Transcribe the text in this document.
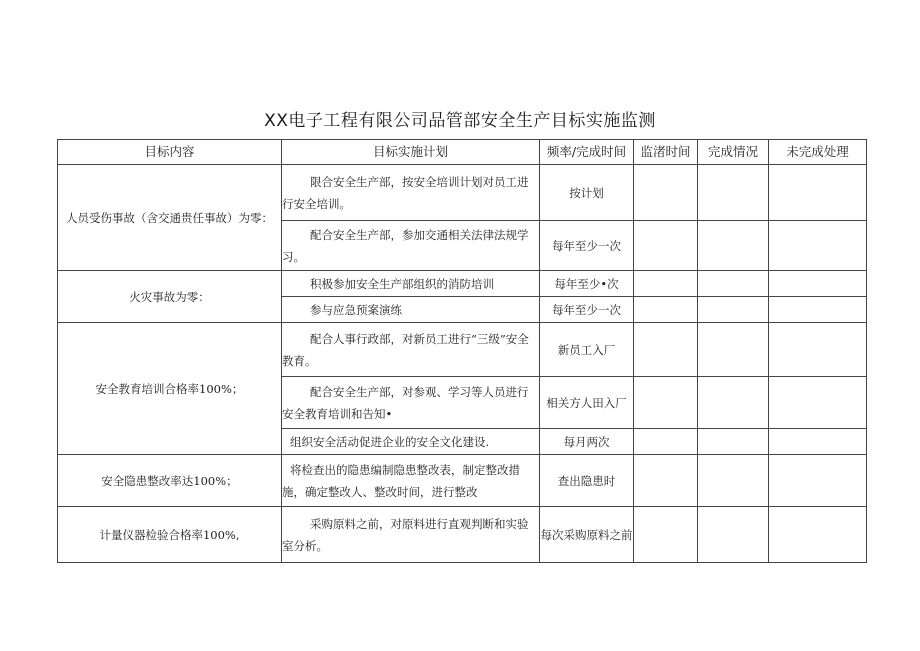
XX电子工程有限公司品管部安全生产目标实施监测
目标内容	目标实施计划	频率/完成时间	监渚时间	完成情况	未完成处理
人员受伤事故（含交通贵任事故）为零：	限合安全生产部，按安全培训计划对员工进行安全培训。	按计划			
	配合安全生产部，参加交通相关法律法规学习。	每年至少一次			
火灾事故为零：	积极参加安全生产部组织的消防培训	每年至少•次			
	参与应急预案演练	每年至少一次			
安全教育培训合格率100%；	配合人事行政部，对新员工进行“三级”安全教育。	新员工入厂			
	配合安全生产部，对参观、学习等人员进行安全教育培训和告知•	相关方人田入厂			
	组织安全活动促进企业的安全文化建设.	每月两次			
安全隐患整改率达100%；	将检查出的隐患编制隐患整改表，制定整改措施，确定整改人、整改时间，进行整改	查出隐患时			
计量仪器检验合格率100%,	采购原料之前，对原料进行直观判断和实验室分析。	每次采购原料之前			
